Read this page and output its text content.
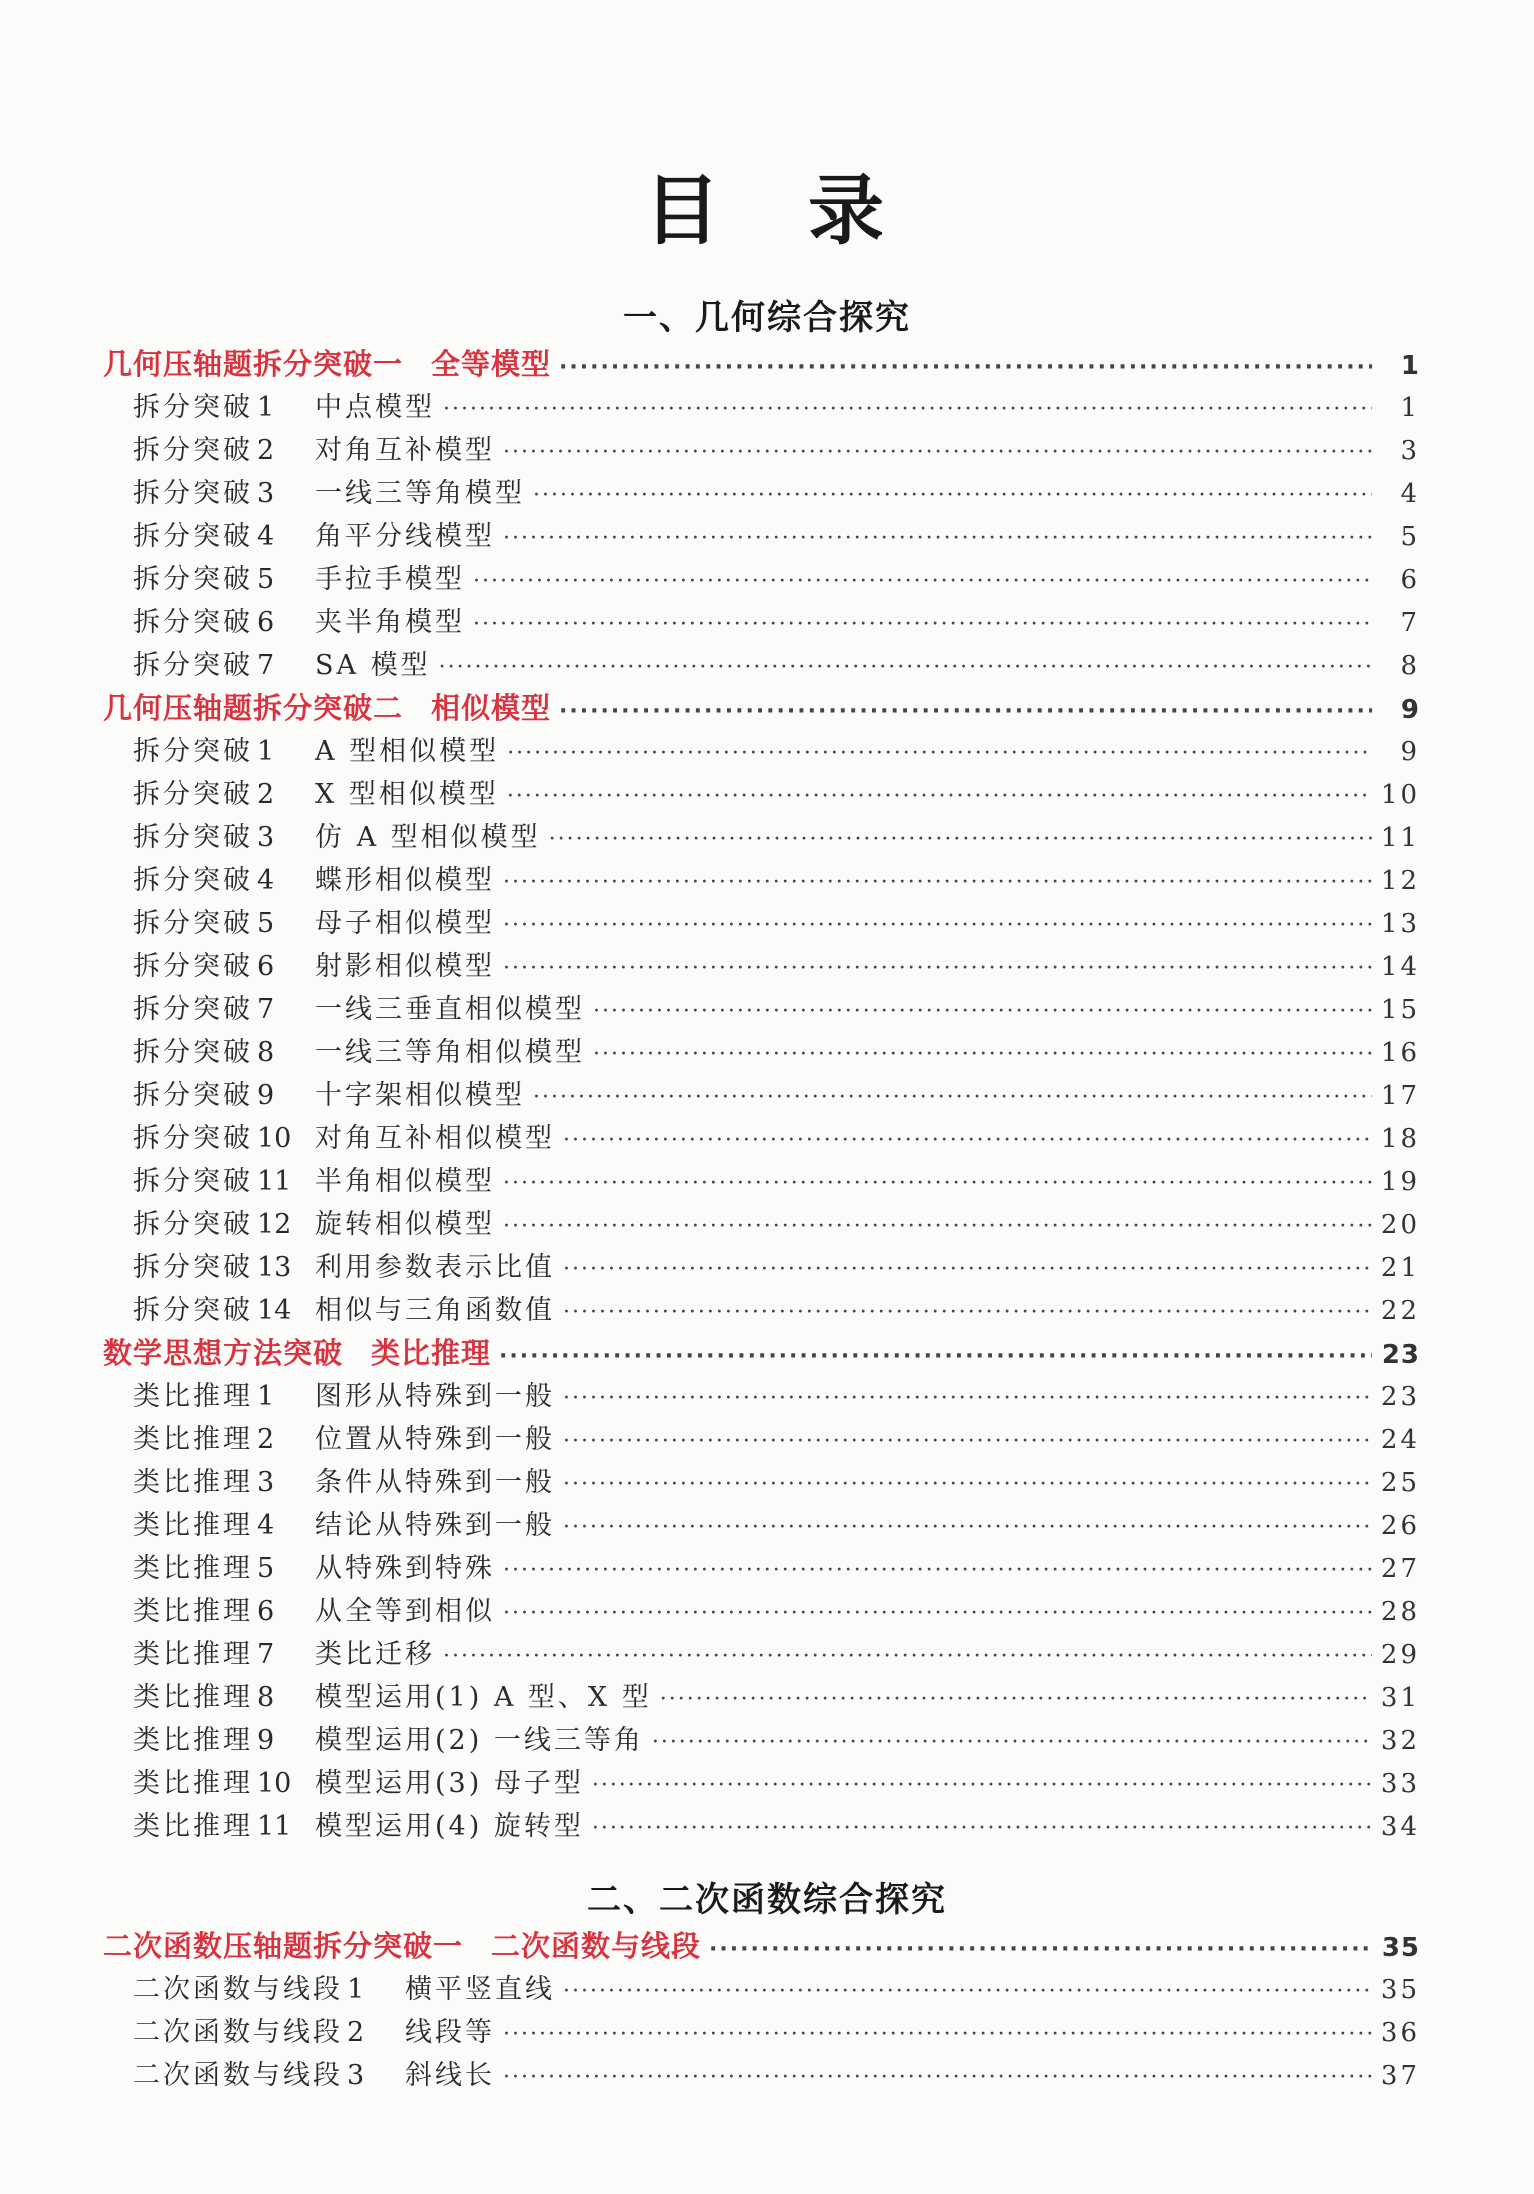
目　录
一、几何综合探究
几何压轴题拆分突破一 全等模型 ·····	1
拆分突破 1 中点模型 ·····	1
拆分突破 2 对角互补模型 ·····	3
拆分突破 3 一线三等角模型 ·····	4
拆分突破 4 角平分线模型 ·····	5
拆分突破 5 手拉手模型 ·····	6
拆分突破 6 夹半角模型 ·····	7
拆分突破 7 SA 模型 ·····	8
几何压轴题拆分突破二 相似模型 ·····	9
拆分突破 1 A 型相似模型 ·····	9
拆分突破 2 X 型相似模型 ·····	10
拆分突破 3 仿 A 型相似模型 ·····	11
拆分突破 4 蝶形相似模型 ·····	12
拆分突破 5 母子相似模型 ·····	13
拆分突破 6 射影相似模型 ·····	14
拆分突破 7 一线三垂直相似模型 ·····	15
拆分突破 8 一线三等角相似模型 ·····	16
拆分突破 9 十字架相似模型 ·····	17
拆分突破 10 对角互补相似模型 ·····	18
拆分突破 11 半角相似模型 ·····	19
拆分突破 12 旋转相似模型 ·····	20
拆分突破 13 利用参数表示比值 ·····	21
拆分突破 14 相似与三角函数值 ·····	22
数学思想方法突破 类比推理 ·····	23
类比推理 1 图形从特殊到一般 ·····	23
类比推理 2 位置从特殊到一般 ·····	24
类比推理 3 条件从特殊到一般 ·····	25
类比推理 4 结论从特殊到一般 ·····	26
类比推理 5 从特殊到特殊 ·····	27
类比推理 6 从全等到相似 ·····	28
类比推理 7 类比迁移 ·····	29
类比推理 8 模型运用(1) A 型、X 型 ·····	31
类比推理 9 模型运用(2) 一线三等角 ·····	32
类比推理 10 模型运用(3) 母子型 ·····	33
类比推理 11 模型运用(4) 旋转型 ·····	34
二、二次函数综合探究
二次函数压轴题拆分突破一 二次函数与线段 ·····	35
二次函数与线段 1 横平竖直线 ·····	35
二次函数与线段 2 线段等 ·····	36
二次函数与线段 3 斜线长 ·····	37
